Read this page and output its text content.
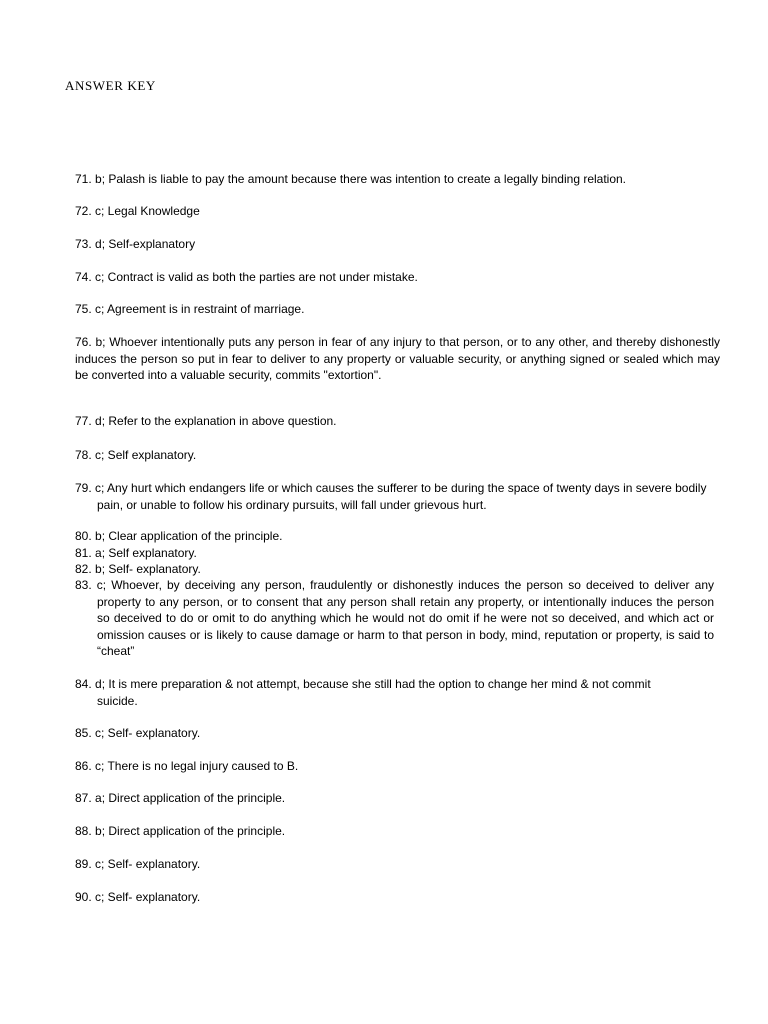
ANSWER KEY
71. b; Palash is liable to pay the amount because there was intention to create a legally binding relation.
72. c; Legal Knowledge
73. d; Self-explanatory
74. c; Contract is valid as both the parties are not under mistake.
75. c; Agreement is in restraint of marriage.
76. b; Whoever intentionally puts any person in fear of any injury to that person, or to any other, and thereby dishonestly induces the person so put in fear to deliver to any property or valuable security, or anything signed or sealed which may be converted into a valuable security, commits "extortion".
77. d; Refer to the explanation in above question.
78. c; Self explanatory.
79. c; Any hurt which endangers life or which causes the sufferer to be during the space of twenty days in severe bodily pain, or unable to follow his ordinary pursuits, will fall under grievous hurt.
80. b; Clear application of the principle.
81. a; Self explanatory.
82. b; Self- explanatory.
83. c; Whoever, by deceiving any person, fraudulently or dishonestly induces the person so deceived to deliver any property to any person, or to consent that any person shall retain any property, or intentionally induces the person so deceived to do or omit to do anything which he would not do omit if he were not so deceived, and which act or omission causes or is likely to cause damage or harm to that person in body, mind, reputation or property, is said to “cheat”
84. d; It is mere preparation & not attempt, because she still had the option to change her mind & not commit suicide.
85. c; Self- explanatory.
86. c; There is no legal injury caused to B.
87. a; Direct application of the principle.
88. b; Direct application of the principle.
89. c; Self- explanatory.
90. c; Self- explanatory.
